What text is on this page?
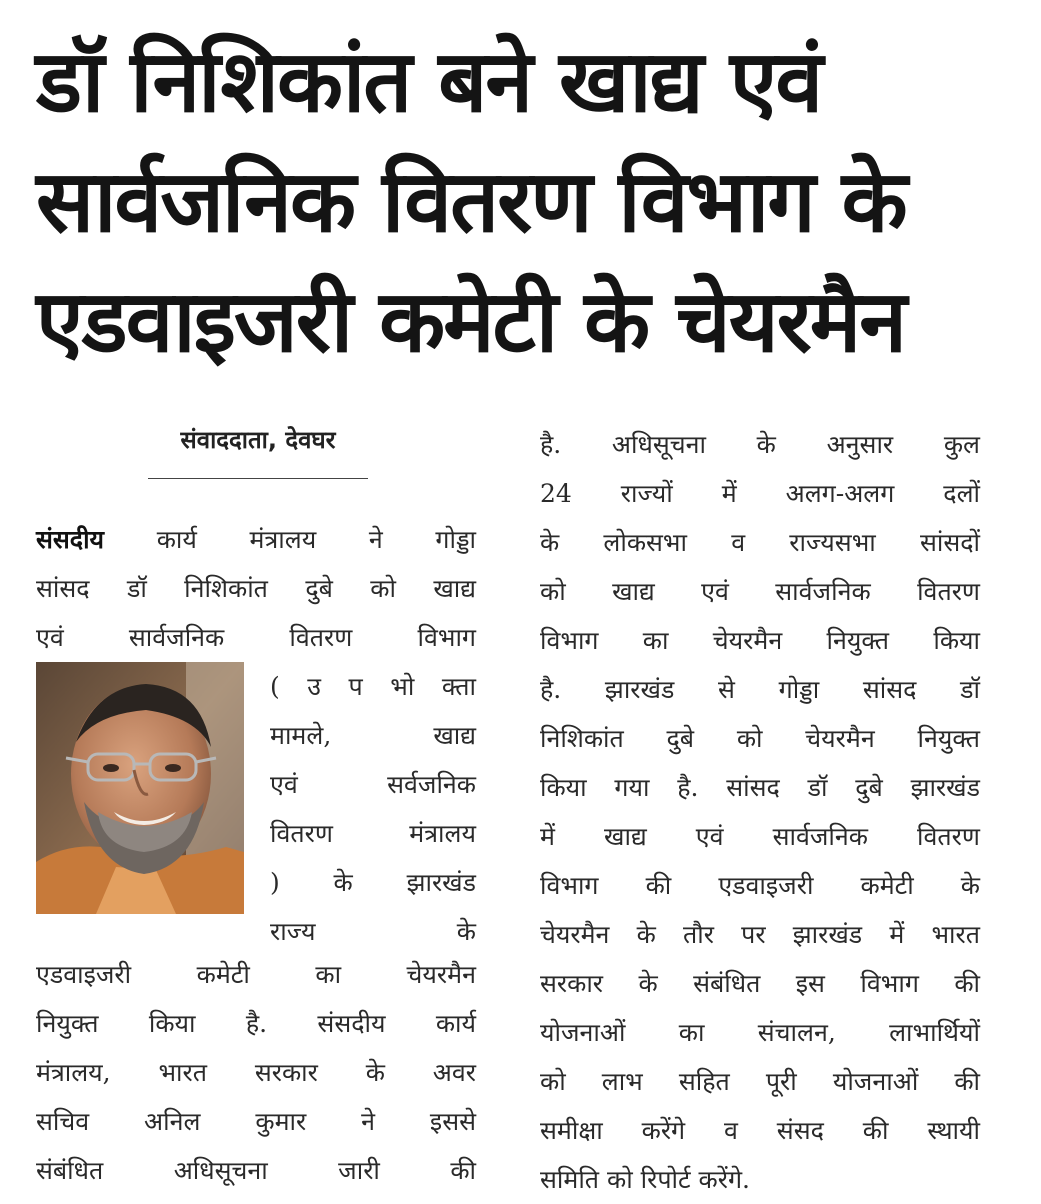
डॉ निशिकांत बने खाद्य एवं
सार्वजनिक वितरण विभाग के
एडवाइजरी कमेटी के चेयरमैन
संवाददाता, देवघर
संसदीय कार्य मंत्रालय ने गोड्डा
सांसद डॉ निशिकांत दुबे को खाद्य
एवं सार्वजनिक वितरण विभाग
( उ प भो क्ता
मामले, खाद्य
एवं सर्वजनिक
वितरण मंत्रालय
) के झारखंड
राज्य के
एडवाइजरी कमेटी का चेयरमैन
नियुक्त किया है. संसदीय कार्य
मंत्रालय, भारत सरकार के अवर
सचिव अनिल कुमार ने इससे
संबंधित अधिसूचना जारी की
है. अधिसूचना के अनुसार कुल
24 राज्यों में अलग-अलग दलों
के लोकसभा व राज्यसभा सांसदों
को खाद्य एवं सार्वजनिक वितरण
विभाग का चेयरमैन नियुक्त किया
है. झारखंड से गोड्डा सांसद डॉ
निशिकांत दुबे को चेयरमैन नियुक्त
किया गया है. सांसद डॉ दुबे झारखंड
में खाद्य एवं सार्वजनिक वितरण
विभाग की एडवाइजरी कमेटी के
चेयरमैन के तौर पर झारखंड में भारत
सरकार के संबंधित इस विभाग की
योजनाओं का संचालन, लाभार्थियों
को लाभ सहित पूरी योजनाओं की
समीक्षा करेंगे व संसद की स्थायी
समिति को रिपोर्ट करेंगे.
